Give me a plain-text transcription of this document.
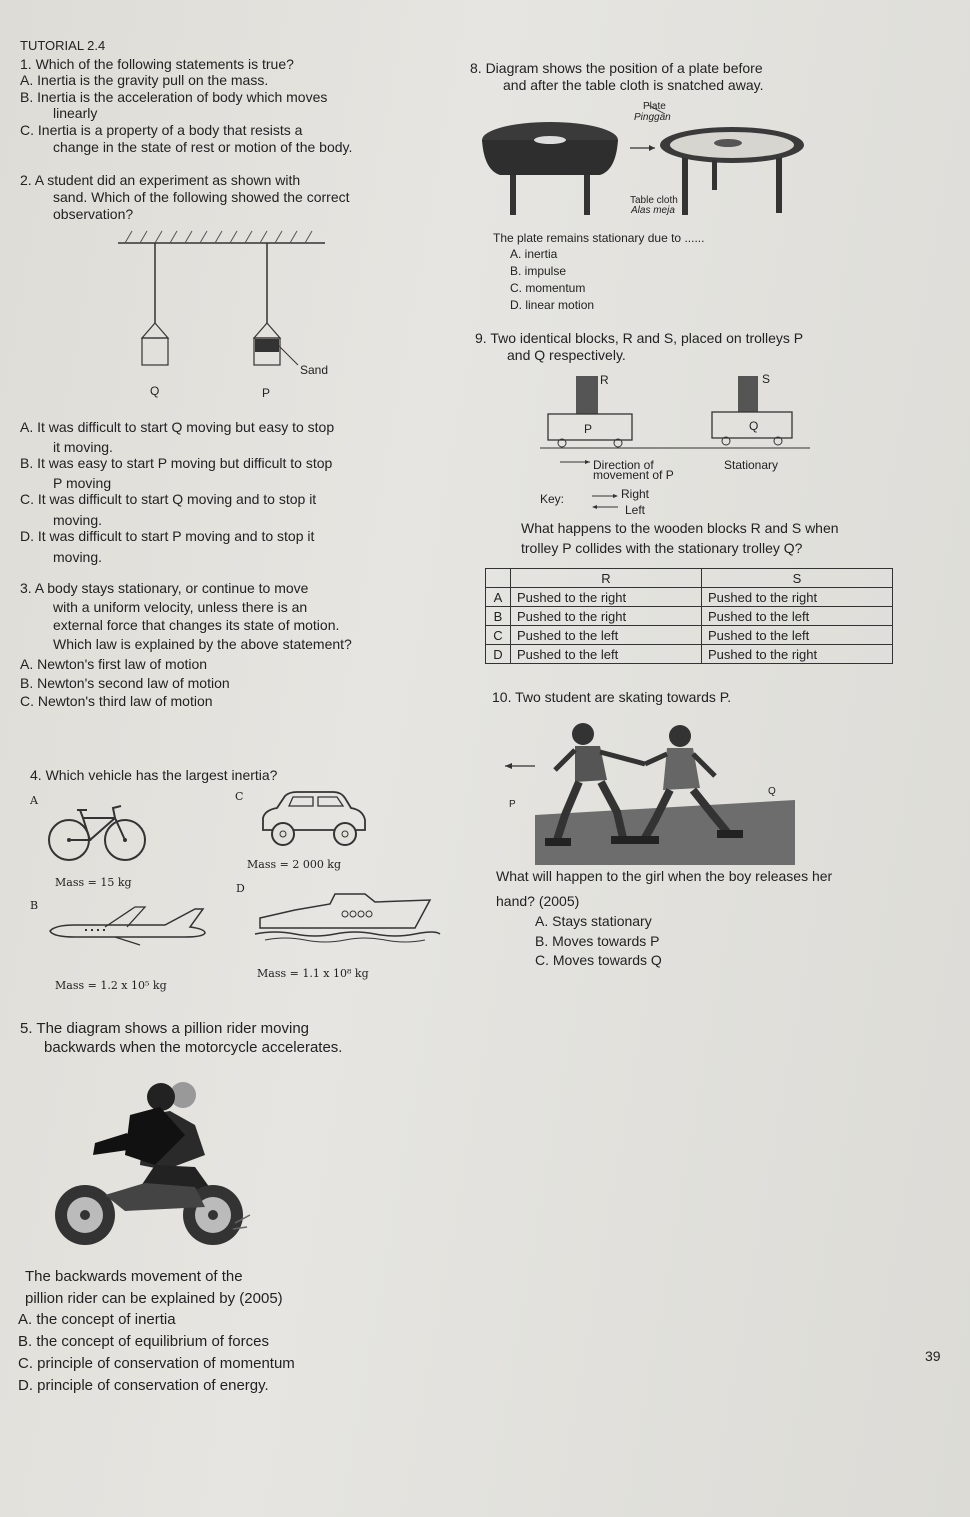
TUTORIAL 2.4
1. Which of the following statements is true?
A. Inertia is the gravity pull on the mass.
B. Inertia is the acceleration of body which moves
linearly
C. Inertia is a property of a body that resists a
change in the state of rest or motion of the body.
2. A student did an experiment as shown with
sand. Which of the following showed the correct
observation?
Sand
Q	P
A. It was difficult to start Q moving but easy to stop
it moving.
B. It was easy to start P moving but difficult to stop
P moving
C. It was difficult to start Q moving and to stop it
moving.
D. It was difficult to start P moving and to stop it
moving.
3. A body stays stationary, or continue to move
with a uniform velocity, unless there is an
external force that changes its state of motion.
Which law is explained by the above statement?
A. Newton's first law of motion
B. Newton's second law of motion
C. Newton's third law of motion
4. Which vehicle has the largest inertia?
A	C
Mass = 2 000 kg
Mass = 15 kg	D
B
Mass = 1.2 x 10⁵ kg
Mass = 1.1 x 10⁸ kg
5. The diagram shows a pillion rider moving
backwards when the motorcycle accelerates.
The backwards movement of the
pillion rider can be explained by (2005)
A. the concept of inertia
B. the concept of equilibrium of forces
C. principle of conservation of momentum
D. principle of conservation of energy.
39
8. Diagram shows the position of a plate before
and after the table cloth is snatched away.
Plate
Pinggan
Table cloth
Alas meja
The plate remains stationary due to ......
A. inertia
B. impulse
C. momentum
D. linear motion
9. Two identical blocks, R and S, placed on trolleys P
and Q respectively.
R	S
P	Q
Direction of
movement of P
Stationary
Key:	Right
Left
What happens to the wooden blocks R and S when
trolley P collides with the stationary trolley Q?
	R	S
A	Pushed to the right	Pushed to the right
B	Pushed to the right	Pushed to the left
C	Pushed to the left	Pushed to the left
D	Pushed to the left	Pushed to the right
10. Two student are skating towards P.
P
Q
What will happen to the girl when the boy releases her
hand? (2005)
A. Stays stationary
B. Moves towards P
C. Moves towards Q
